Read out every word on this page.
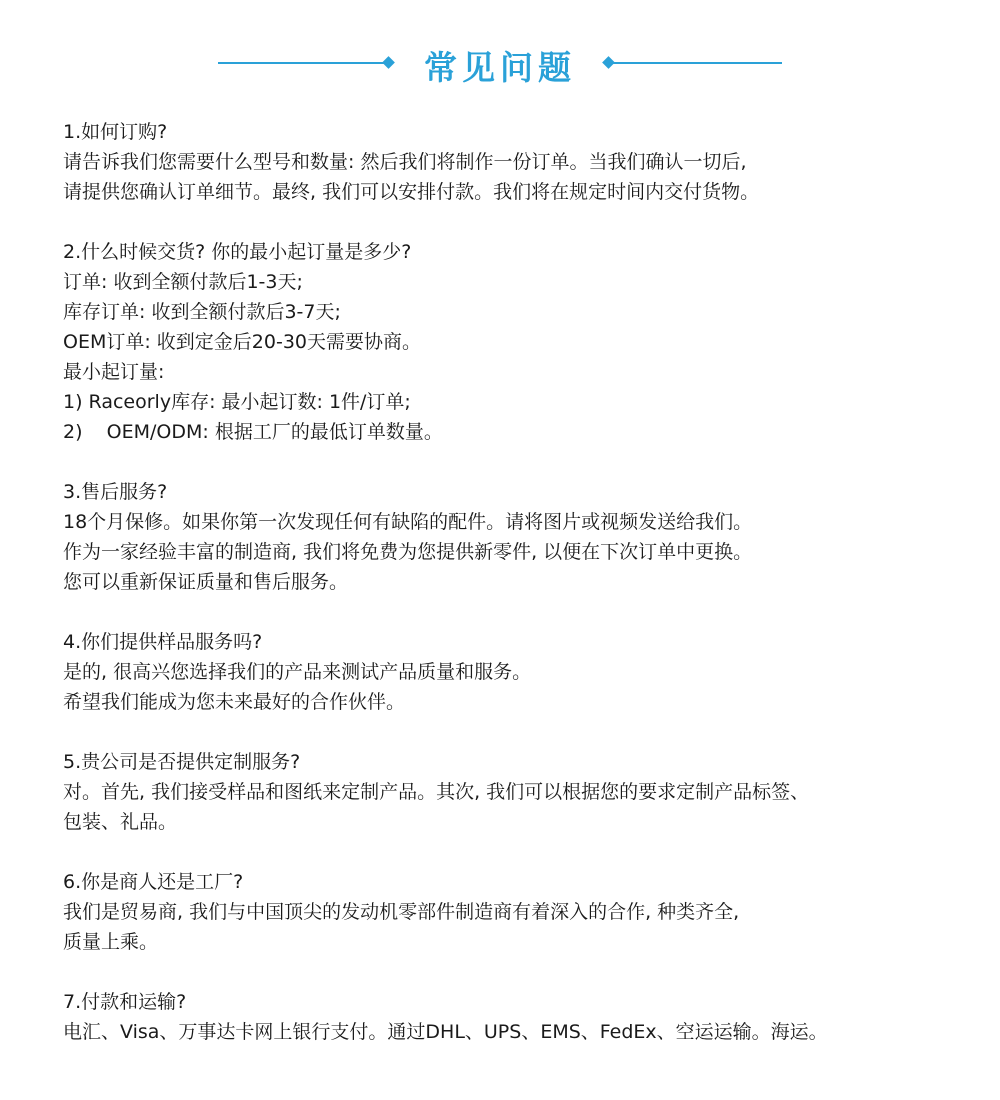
常见问题
1.如何订购?
请告诉我们您需要什么型号和数量: 然后我们将制作一份订单。当我们确认一切后,
请提供您确认订单细节。最终, 我们可以安排付款。我们将在规定时间内交付货物。
2.什么时候交货? 你的最小起订量是多少?
订单: 收到全额付款后1-3天;
库存订单: 收到全额付款后3-7天;
OEM订单: 收到定金后20-30天需要协商。
最小起订量:
1) Raceorly库存: 最小起订数: 1件/订单;
2)    OEM/ODM: 根据工厂的最低订单数量。
3.售后服务?
18个月保修。如果你第一次发现任何有缺陷的配件。请将图片或视频发送给我们。
作为一家经验丰富的制造商, 我们将免费为您提供新零件, 以便在下次订单中更换。
您可以重新保证质量和售后服务。
4.你们提供样品服务吗?
是的, 很高兴您选择我们的产品来测试产品质量和服务。
希望我们能成为您未来最好的合作伙伴。
5.贵公司是否提供定制服务?
对。首先, 我们接受样品和图纸来定制产品。其次, 我们可以根据您的要求定制产品标签、
包装、礼品。
6.你是商人还是工厂?
我们是贸易商, 我们与中国顶尖的发动机零部件制造商有着深入的合作, 种类齐全,
质量上乘。
7.付款和运输?
电汇、Visa、万事达卡网上银行支付。通过DHL、UPS、EMS、FedEx、空运运输。海运。
